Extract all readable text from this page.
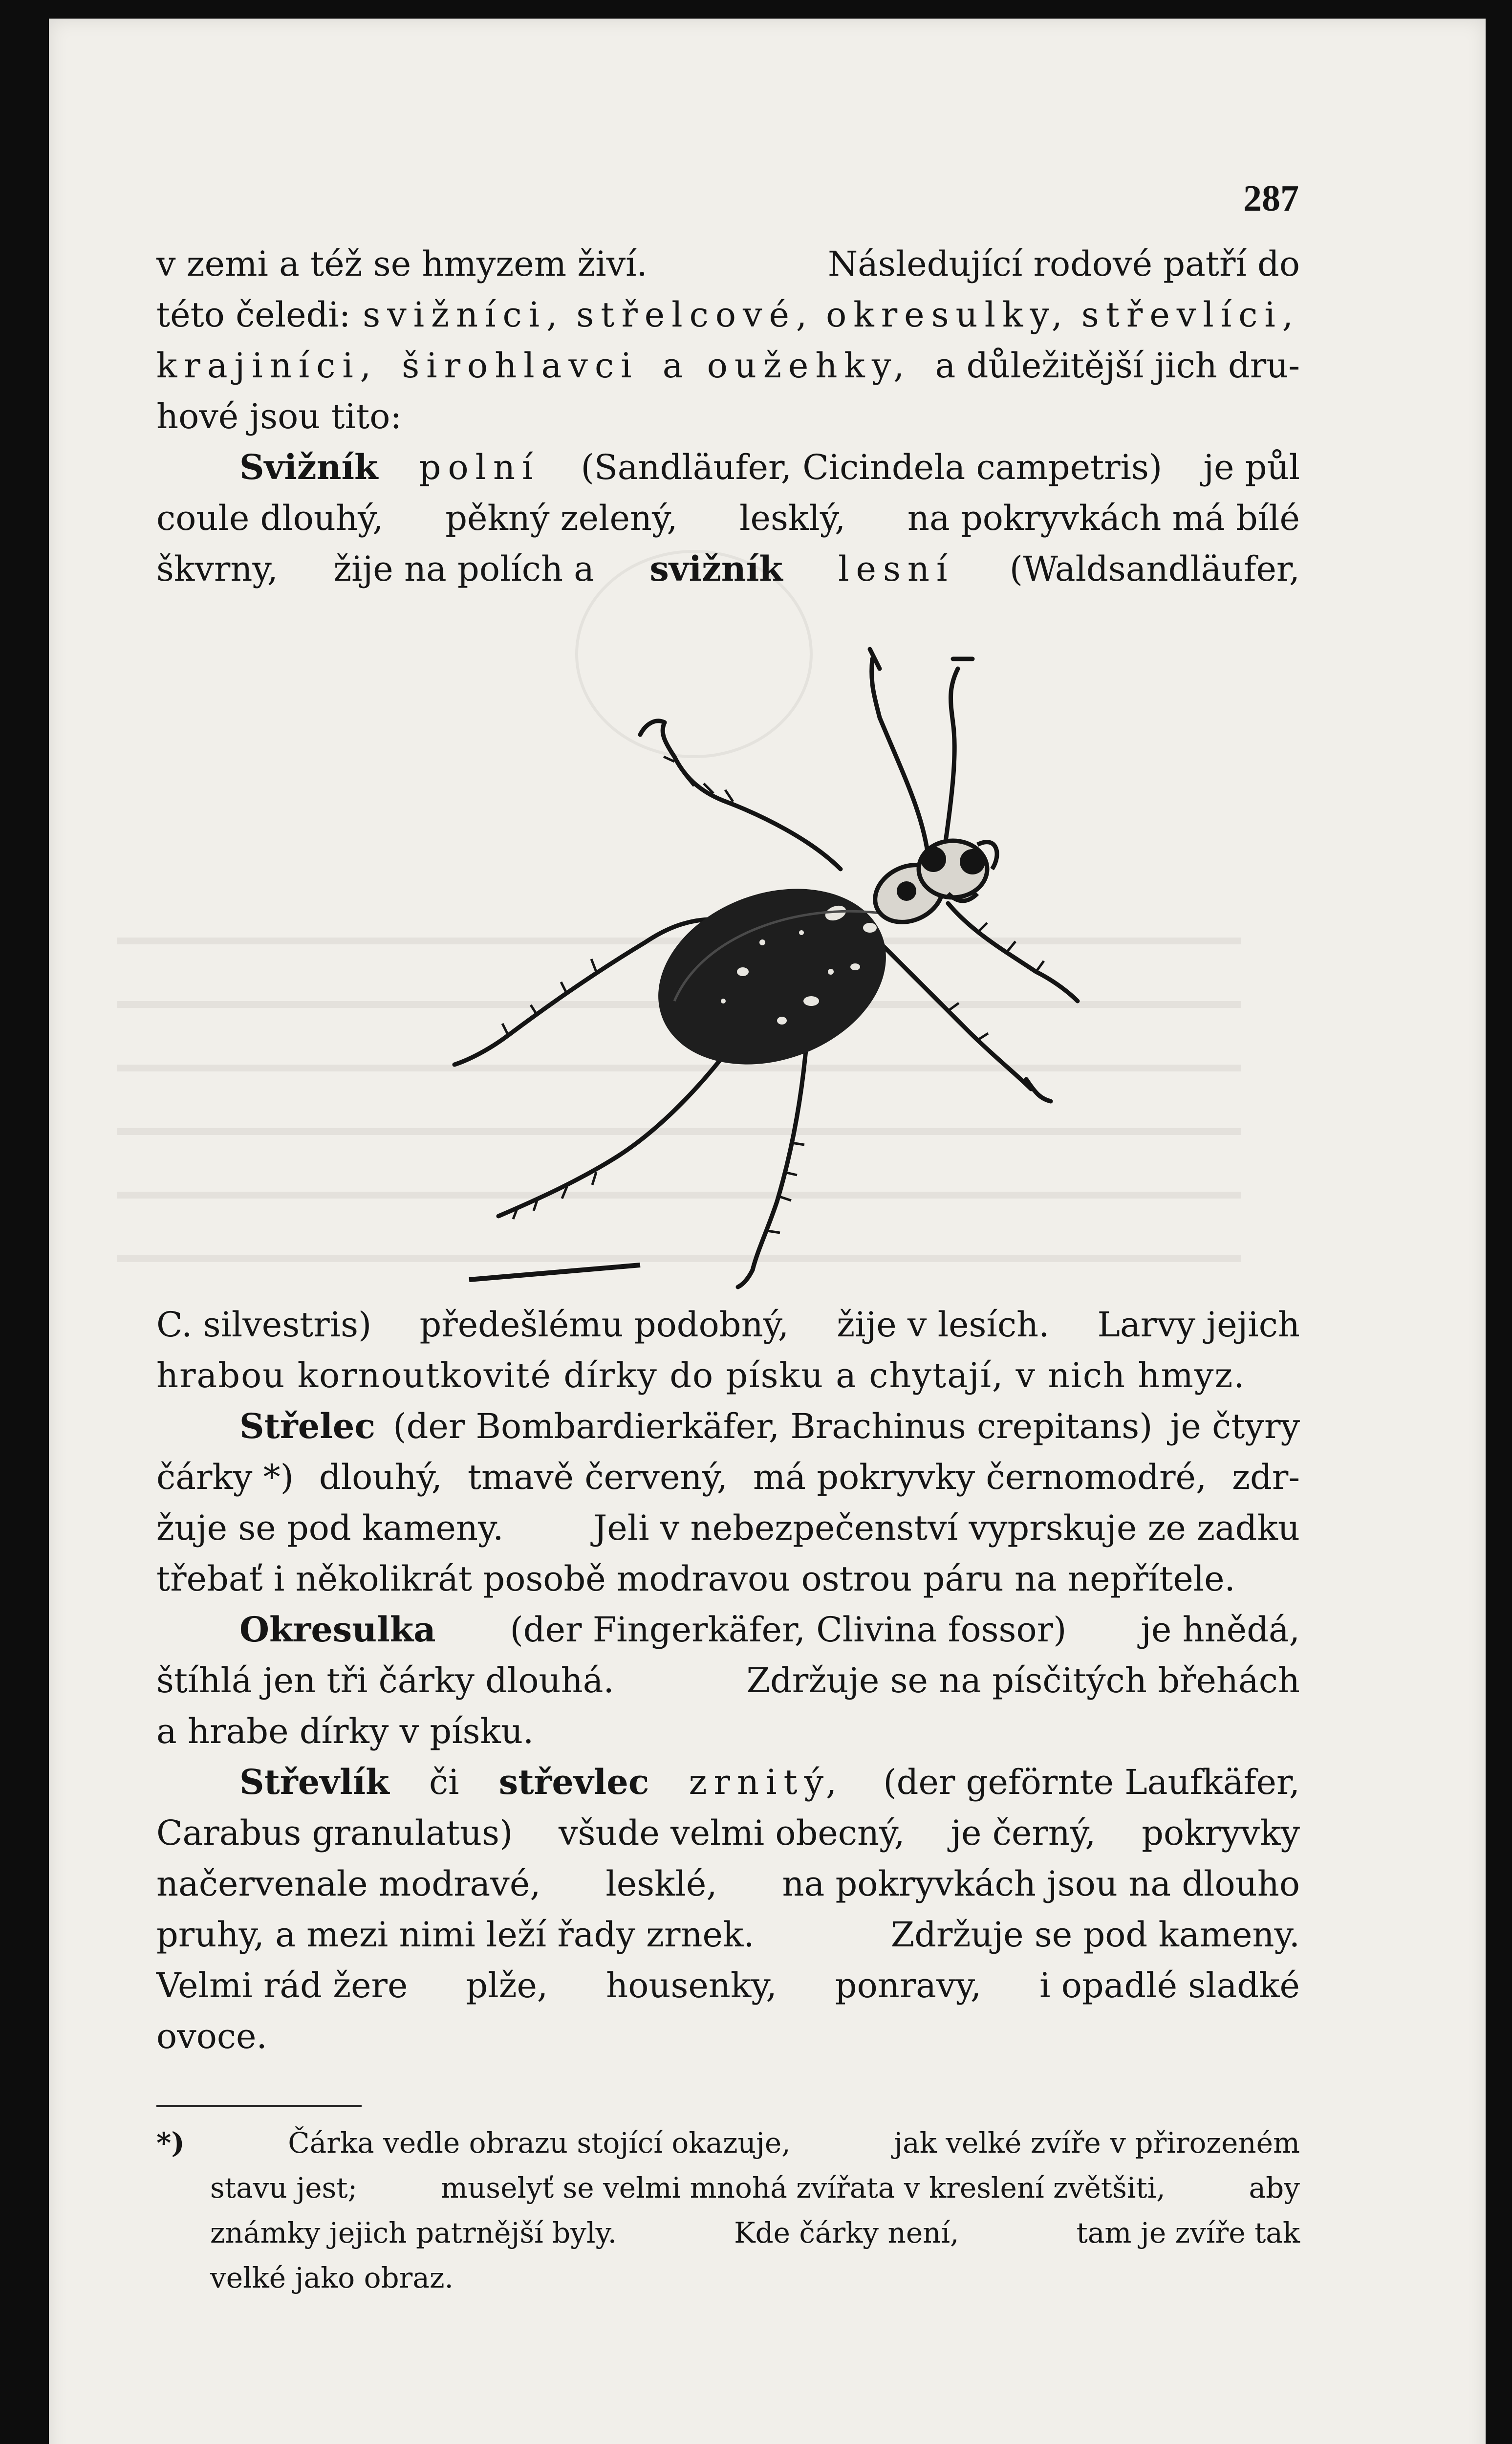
287
v zemi a též se hmyzem živí.	Následující rodové patří do
této čeledi: svižníci, střelcové, okresulky, střevlíci,
krajiníci, širohlavci a oužehky, a důležitější jich dru-
hové jsou tito:
Svižník polní (Sandläufer, Cicindela campetris) je půl
coule dlouhý, pěkný zelený, lesklý, na pokryvkách má bílé
škvrny, žije na polích a svižník lesní (Waldsandläufer,
C. silvestris) předešlému podobný, žije v lesích. Larvy jejich
hrabou kornoutkovité dírky do písku a chytají, v nich hmyz.
Střelec (der Bombardierkäfer, Brachinus crepitans) je čtyry
čárky *) dlouhý, tmavě červený, má pokryvky černomodré, zdr-
žuje se pod kameny.	Jeli v nebezpečenství vyprskuje ze zadku
třebať i několikrát posobě modravou ostrou páru na nepřítele.
Okresulka (der Fingerkäfer, Clivina fossor) je hnědá,
štíhlá jen tři čárky dlouhá.	Zdržuje se na písčitých břehách
a hrabe dírky v písku.
Střevlík či střevlec zrnitý, (der geförnte Laufkäfer,
Carabus granulatus) všude velmi obecný, je černý, pokryvky
načervenale modravé, lesklé, na pokryvkách jsou na dlouho
pruhy, a mezi nimi leží řady zrnek.	Zdržuje se pod kameny.
Velmi rád žere plže, housenky, ponravy, i opadlé sladké
ovoce.
*)	Čárka vedle obrazu stojící okazuje,	jak velké zvíře v přirozeném
stavu jest;	muselyť se velmi mnohá zvířata v kreslení zvětšiti,	aby
známky jejich patrnější byly.	Kde čárky není,	tam je zvíře tak
velké jako obraz.
